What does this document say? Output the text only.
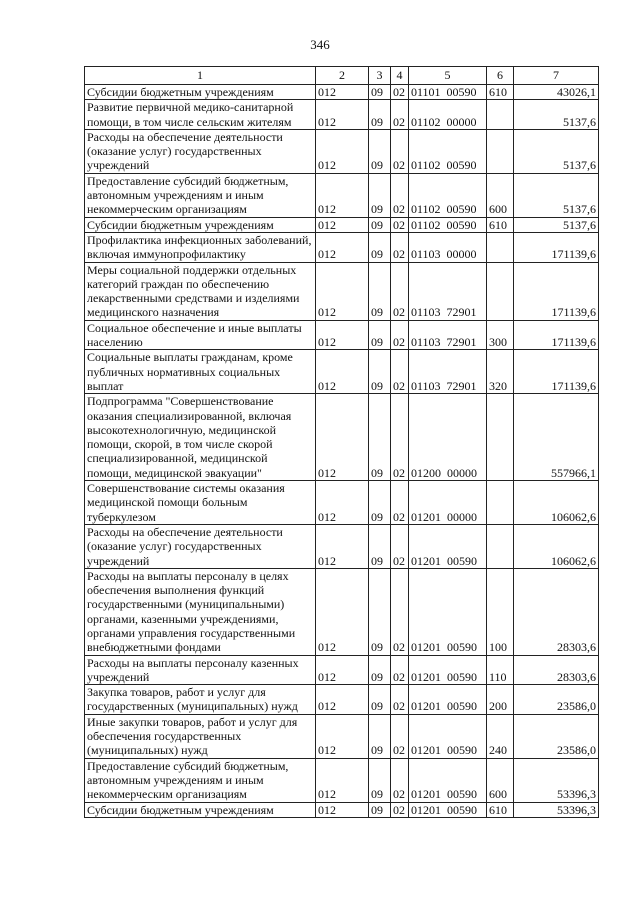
346
1	2	3	4	5	6	7
Субсидии бюджетным учреждениям	012	09	02	01101  00590	610	43026,1
Развитие первичной медико-санитарной помощи, в том числе сельским жителям	012	09	02	01102  00000		5137,6
Расходы на обеспечение деятельности (оказание услуг) государственных учреждений	012	09	02	01102  00590		5137,6
Предоставление субсидий бюджетным, автономным учреждениям и иным некоммерческим организациям	012	09	02	01102  00590	600	5137,6
Субсидии бюджетным учреждениям	012	09	02	01102  00590	610	5137,6
Профилактика инфекционных заболеваний, включая иммунопрофилактику	012	09	02	01103  00000		171139,6
Меры социальной поддержки отдельных категорий граждан по обеспечению лекарственными средствами и изделиями медицинского назначения	012	09	02	01103  72901		171139,6
Социальное обеспечение и иные выплаты населению	012	09	02	01103  72901	300	171139,6
Социальные выплаты гражданам, кроме публичных нормативных социальных выплат	012	09	02	01103  72901	320	171139,6
Подпрограмма "Совершенствование оказания специализированной, включая высокотехнологичную, медицинской помощи, скорой, в том числе скорой специализированной, медицинской помощи, медицинской эвакуации"	012	09	02	01200  00000		557966,1
Совершенствование системы оказания медицинской помощи больным туберкулезом	012	09	02	01201  00000		106062,6
Расходы на обеспечение деятельности (оказание услуг) государственных учреждений	012	09	02	01201  00590		106062,6
Расходы на выплаты персоналу в целях обеспечения выполнения функций государственными (муниципальными) органами, казенными учреждениями, органами управления государственными внебюджетными фондами	012	09	02	01201  00590	100	28303,6
Расходы на выплаты персоналу казенных учреждений	012	09	02	01201  00590	110	28303,6
Закупка товаров, работ и услуг для государственных (муниципальных) нужд	012	09	02	01201  00590	200	23586,0
Иные закупки товаров, работ и услуг для обеспечения государственных (муниципальных) нужд	012	09	02	01201  00590	240	23586,0
Предоставление субсидий бюджетным, автономным учреждениям и иным некоммерческим организациям	012	09	02	01201  00590	600	53396,3
Субсидии бюджетным учреждениям	012	09	02	01201  00590	610	53396,3
